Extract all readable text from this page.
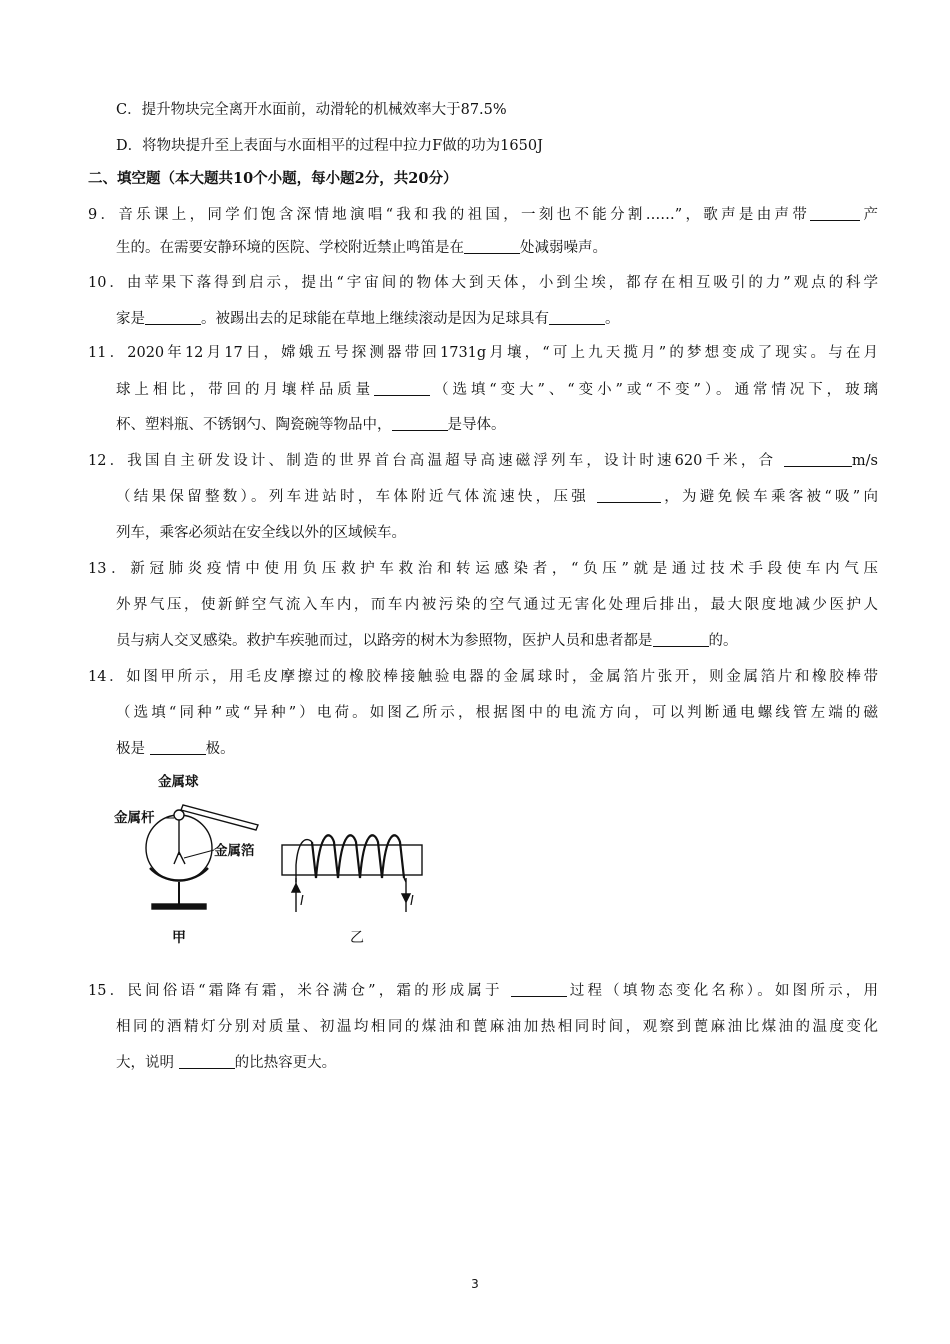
C．提升物块完全离开水面前，动滑轮的机械效率大于87.5%
D．将物块提升至上表面与水面相平的过程中拉力F做的功为1650J
二、填空题（本大题共10个小题，每小题2分，共20分）
9．音乐课上，同学们饱含深情地演唱“我和我的祖国，一刻也不能分割……”，歌声是由声带	产
生的。在需要安静环境的医院、学校附近禁止鸣笛是在	处减弱噪声。
10．由苹果下落得到启示，提出“宇宙间的物体大到天体，小到尘埃，都存在相互吸引的力”观点的科学
家是	。被踢出去的足球能在草地上继续滚动是因为足球具有	。
11．2020年12月17日，嫦娥五号探测器带回1731g月壤，“可上九天揽月”的梦想变成了现实。与在月
球上相比，带回的月壤样品质量	（选填“变大”、“变小”或“不变”）。通常情况下，玻璃
杯、塑料瓶、不锈钢勺、陶瓷碗等物品中，	是导体。
12．我国自主研发设计、制造的世界首台高温超导高速磁浮列车，设计时速620千米，合	m/s
（结果保留整数）。列车进站时，车体附近气体流速快，压强	，为避免候车乘客被“吸”向
列车，乘客必须站在安全线以外的区域候车。
13．新冠肺炎疫情中使用负压救护车救治和转运感染者，“负压”就是通过技术手段使车内气压
外界气压，使新鲜空气流入车内，而车内被污染的空气通过无害化处理后排出，最大限度地减少医护人
员与病人交叉感染。救护车疾驰而过，以路旁的树木为参照物，医护人员和患者都是	的。
14．如图甲所示，用毛皮摩擦过的橡胶棒接触验电器的金属球时，金属箔片张开，则金属箔片和橡胶棒带
（选填“同种”或“异种”）电荷。如图乙所示，根据图中的电流方向，可以判断通电螺线管左端的磁
极是	极。
金属球
金属杆
金属箔
甲
I	I
乙
15．民间俗语“霜降有霜，米谷满仓”，霜的形成属于	过程（填物态变化名称）。如图所示，用
相同的酒精灯分别对质量、初温均相同的煤油和蓖麻油加热相同时间，观察到蓖麻油比煤油的温度变化
大，说明	的比热容更大。
3
